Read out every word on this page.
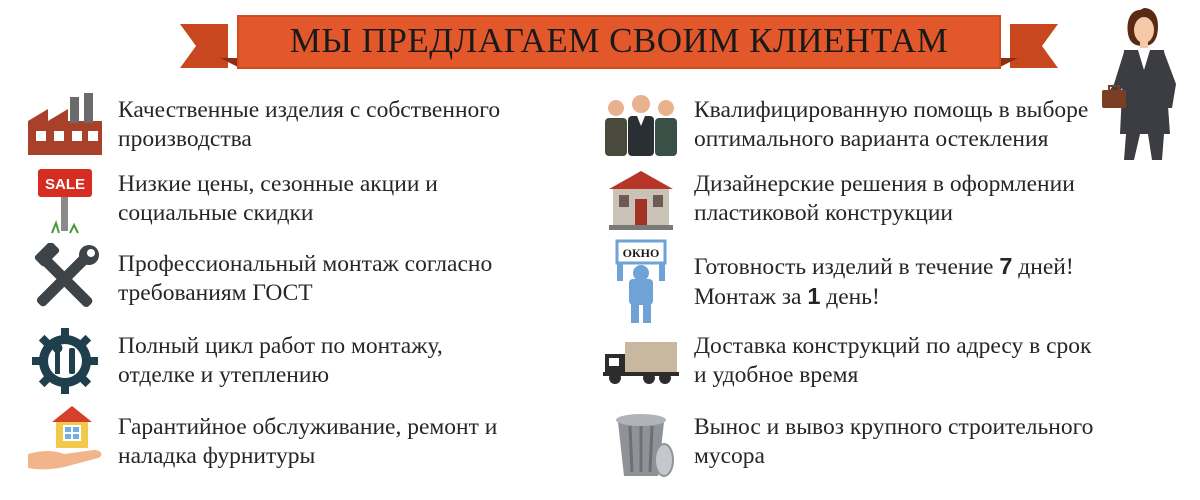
МЫ ПРЕДЛАГАЕМ СВОИМ КЛИЕНТАМ
Качественные изделия с собственного
производства
SALE Низкие цены, сезонные акции и
социальные скидки
Профессиональный монтаж согласно
требованиям ГОСТ
Полный цикл работ по монтажу,
отделке и утеплению
Гарантийное обслуживание, ремонт и
наладка фурнитуры
Квалифицированную помощь в выборе
оптимального варианта остекления
Дизайнерские решения в оформлении
пластиковой конструкции
ОКНО
Готовность изделий в течение 7 дней!
Монтаж за 1 день!
Доставка конструкций по адресу в срок
и удобное время
Вынос и вывоз крупного строительного
мусора
